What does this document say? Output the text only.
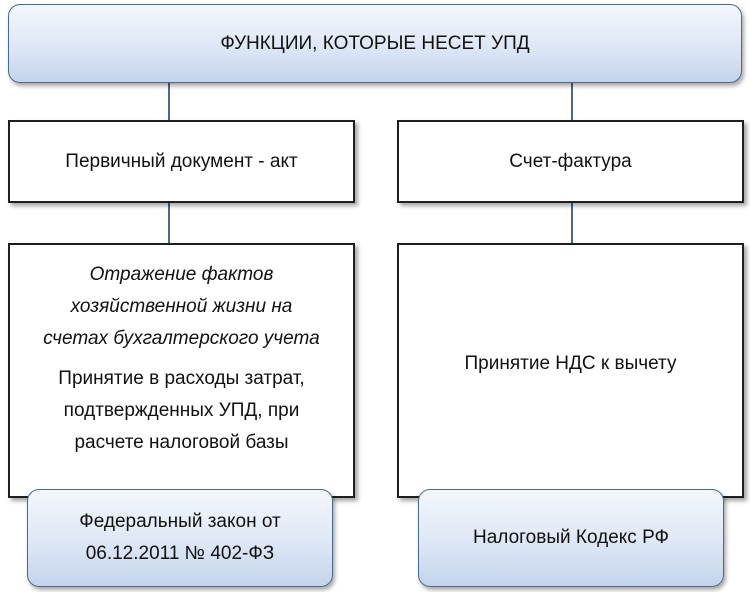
ФУНКЦИИ, КОТОРЫЕ НЕСЕТ УПД
Первичный документ - акт	Счет-фактура
Отражение фактов
хозяйственной жизни на
счетах бухгалтерского учета
Принятие в расходы затрат,
подтвержденных УПД, при
расчете налоговой базы
Принятие НДС к вычету
Федеральный закон от
06.12.2011 № 402-ФЗ
Налоговый Кодекс РФ
